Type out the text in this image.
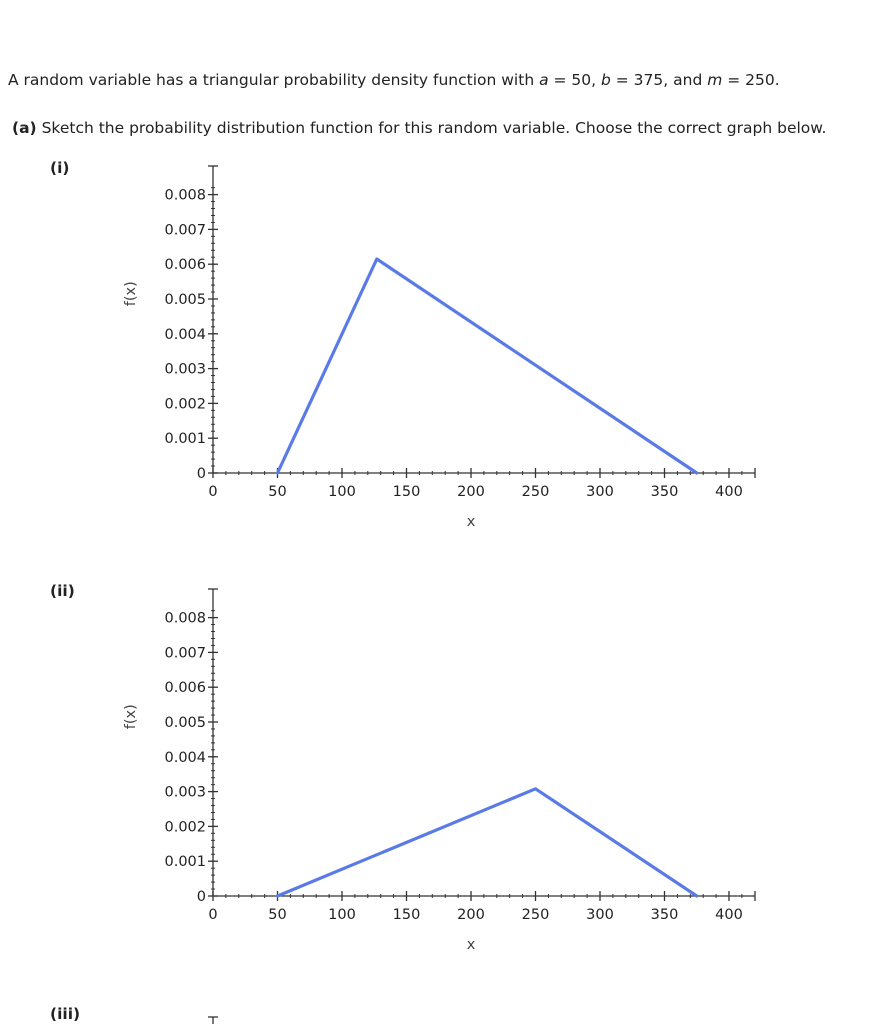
A random variable has a triangular probability density function with a = 50, b = 375, and m = 250.
(a) Sketch the probability distribution function for this random variable. Choose the correct graph below.
(i)
0
0.001
0.002
0.003
0.004
0.005
0.006
0.007
0.008
0	50	100	150	200	250	300	350	400
x
f(x)
(ii)
0
0.001
0.002
0.003
0.004
0.005
0.006
0.007
0.008
0	50	100	150	200	250	300	350	400
x
f(x)
(iii)
